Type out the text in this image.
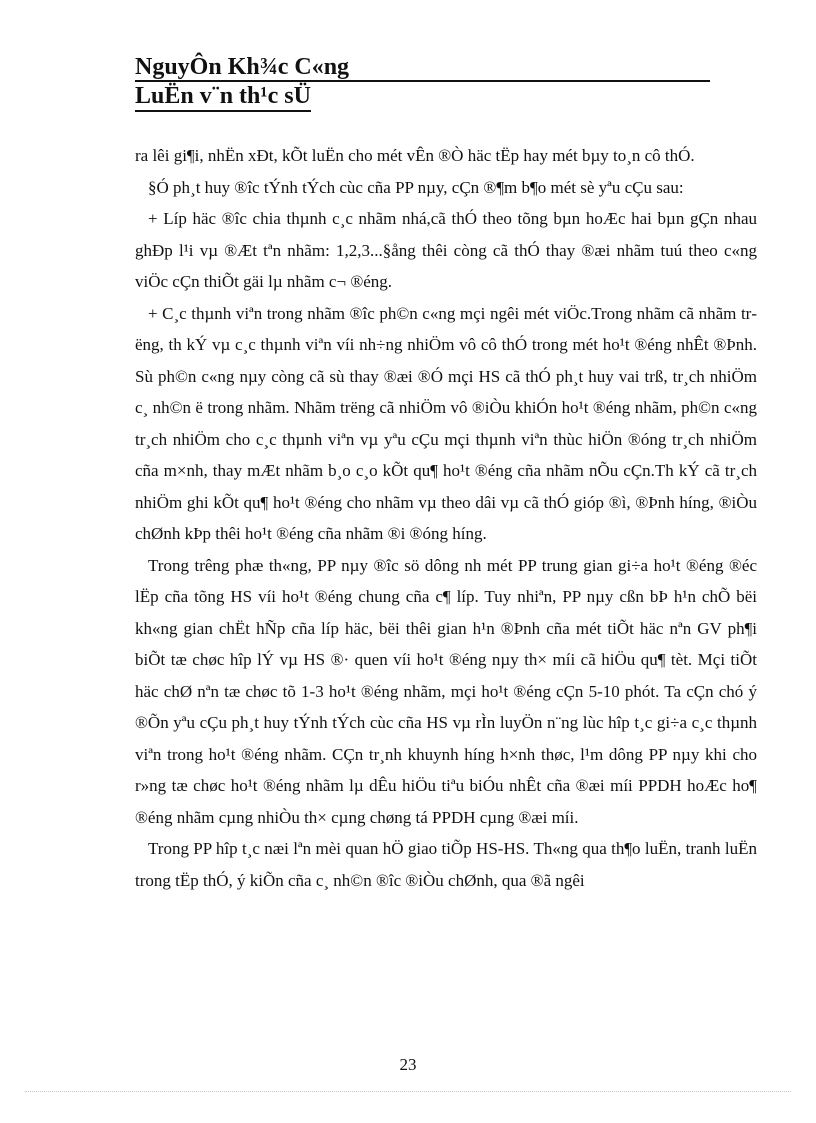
NguyÔn Kh¾c C«ng
LuËn v¨n th¹c sÜ

ra lêi gi¶i, nhËn xÐt, kÕt luËn cho mét vÊn ®Ò häc tËp hay mét bµy to¸n cô thÓ.

§Ó ph¸t huy ®îc tÝnh tÝch cùc cña PP nµy, cÇn ®¶m b¶o mét sè yªu cÇu sau:

+ Líp häc ®îc chia thµnh c¸c nhãm nhá,cã thÓ theo tõng bµn hoÆc hai bµn gÇn nhau ghÐp l¹i vµ ®Æt tªn nhãm: 1,2,3...§ång thêi còng cã thÓ thay ®æi nhãm tuú theo c«ng viÖc cÇn thiÕt gäi lµ nhãm c¬ ®éng.

+ C¸c thµnh viªn trong nhãm ®îc ph©n c«ng mçi ngêi mét viÖc.Trong nhãm cã nhãm trëng, th kÝ vµ c¸c thµnh viªn víi nh÷ng nhiÖm vô cô thÓ trong mét ho¹t ®éng nhÊt ®Þnh. Sù ph©n c«ng nµy còng cã sù thay ®æi ®Ó mçi HS cã thÓ ph¸t huy vai trß, tr¸ch nhiÖm c¸ nh©n ë trong nhãm. Nhãm trëng cã nhiÖm vô ®iÒu khiÓn ho¹t ®éng nhãm, ph©n c«ng tr¸ch nhiÖm cho c¸c thµnh viªn vµ yªu cÇu mçi thµnh viªn thùc hiÖn ®óng tr¸ch nhiÖm cña m×nh, thay mÆt nhãm b¸o c¸o kÕt qu¶ ho¹t ®éng cña nhãm nÕu cÇn.Th kÝ cã tr¸ch nhiÖm ghi kÕt qu¶ ho¹t ®éng cho nhãm vµ theo dâi vµ cã thÓ gióp ®ì, ®Þnh híng, ®iÒu chØnh kÞp thêi ho¹t ®éng cña nhãm ®i ®óng híng.

Trong trêng phæ th«ng, PP nµy ®îc sö dông nh mét PP trung gian gi÷a ho¹t ®éng ®éc lËp cña tõng HS víi ho¹t ®éng chung cña c¶ líp. Tuy nhiªn, PP nµy cßn bÞ h¹n chÕ bëi kh«ng gian chËt hÑp cña líp häc, bëi thêi gian h¹n ®Þnh cña mét tiÕt häc nªn GV ph¶i biÕt tæ chøc hîp lÝ vµ HS ®· quen víi ho¹t ®éng nµy th× míi cã hiÖu qu¶ tèt. Mçi tiÕt häc chØ nªn tæ chøc tõ 1-3 ho¹t ®éng nhãm, mçi ho¹t ®éng cÇn 5-10 phót. Ta cÇn chó ý ®Õn yªu cÇu ph¸t huy tÝnh tÝch cùc cña HS vµ rÌn luyÖn n¨ng lùc hîp t¸c gi÷a c¸c thµnh viªn trong ho¹t ®éng nhãm. CÇn tr¸nh khuynh híng h×nh thøc, l¹m dông PP nµy khi cho r»ng tæ chøc ho¹t ®éng nhãm lµ dÊu hiÖu tiªu biÓu nhÊt cña ®æi míi PPDH hoÆc ho¶ ®éng nhãm cµng nhiÒu th× cµng chøng tá PPDH cµng ®æi míi.

Trong PP hîp t¸c næi lªn mèi quan hÖ giao tiÕp HS-HS. Th«ng qua th¶o luËn, tranh luËn trong tËp thÓ, ý kiÕn cña c¸ nh©n ®îc ®iÒu chØnh, qua ®ã ngêi

23
